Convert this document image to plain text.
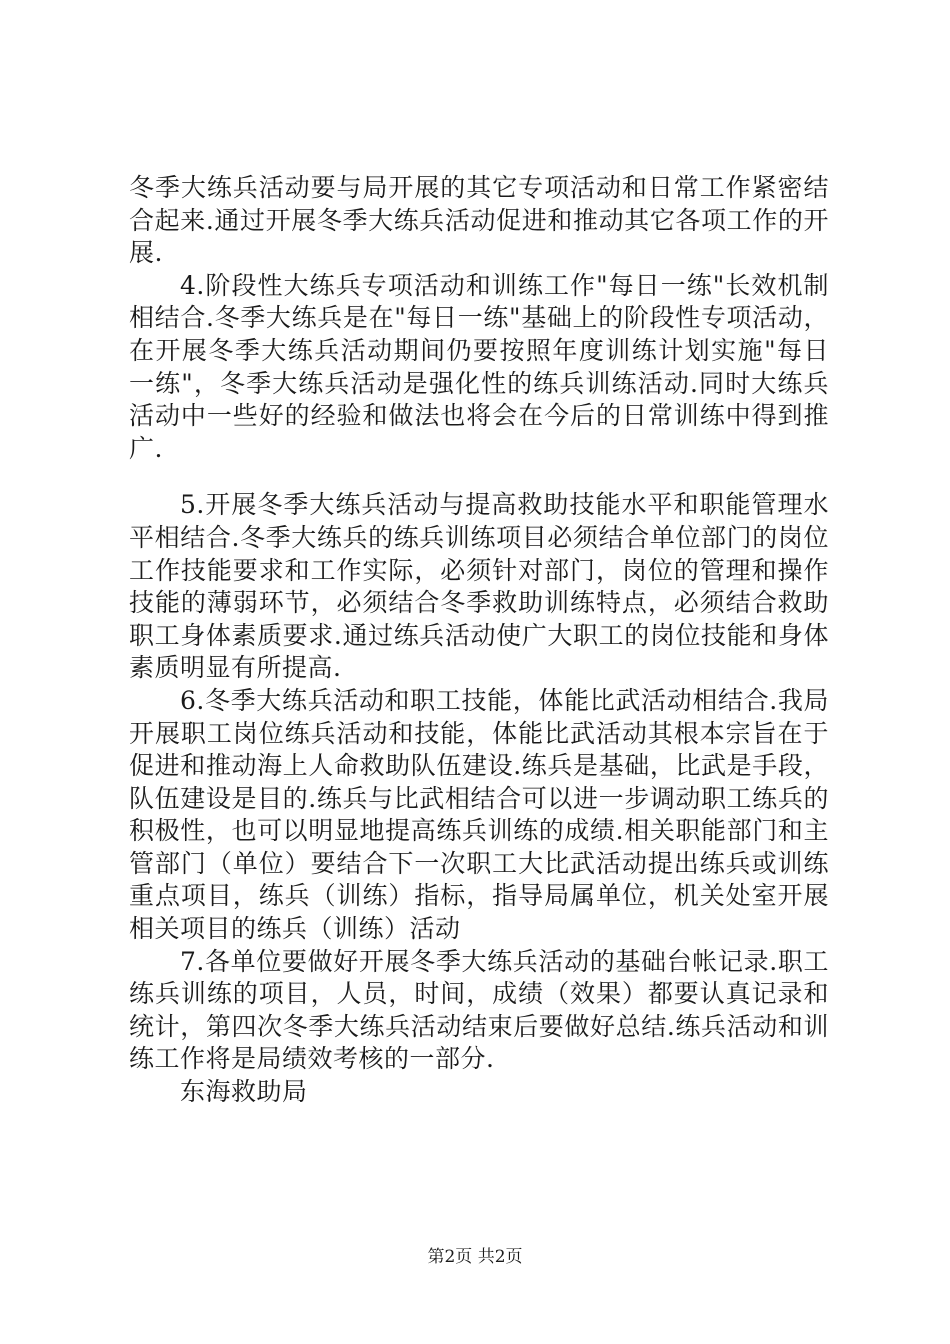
冬季大练兵活动要与局开展的其它专项活动和日常工作紧密结合起来.通过开展冬季大练兵活动促进和推动其它各项工作的开展.

4.阶段性大练兵专项活动和训练工作"每日一练"长效机制相结合.冬季大练兵是在"每日一练"基础上的阶段性专项活动，在开展冬季大练兵活动期间仍要按照年度训练计划实施"每日一练"，冬季大练兵活动是强化性的练兵训练活动.同时大练兵活动中一些好的经验和做法也将会在今后的日常训练中得到推广.

5.开展冬季大练兵活动与提高救助技能水平和职能管理水平相结合.冬季大练兵的练兵训练项目必须结合单位部门的岗位工作技能要求和工作实际，必须针对部门，岗位的管理和操作技能的薄弱环节，必须结合冬季救助训练特点，必须结合救助职工身体素质要求.通过练兵活动使广大职工的岗位技能和身体素质明显有所提高.

6.冬季大练兵活动和职工技能，体能比武活动相结合.我局开展职工岗位练兵活动和技能，体能比武活动其根本宗旨在于促进和推动海上人命救助队伍建设.练兵是基础，比武是手段，队伍建设是目的.练兵与比武相结合可以进一步调动职工练兵的积极性，也可以明显地提高练兵训练的成绩.相关职能部门和主管部门（单位）要结合下一次职工大比武活动提出练兵或训练重点项目，练兵（训练）指标，指导局属单位，机关处室开展相关项目的练兵（训练）活动

7.各单位要做好开展冬季大练兵活动的基础台帐记录.职工练兵训练的项目，人员，时间，成绩（效果）都要认真记录和统计，第四次冬季大练兵活动结束后要做好总结.练兵活动和训练工作将是局绩效考核的一部分.

东海救助局

第2页 共2页
